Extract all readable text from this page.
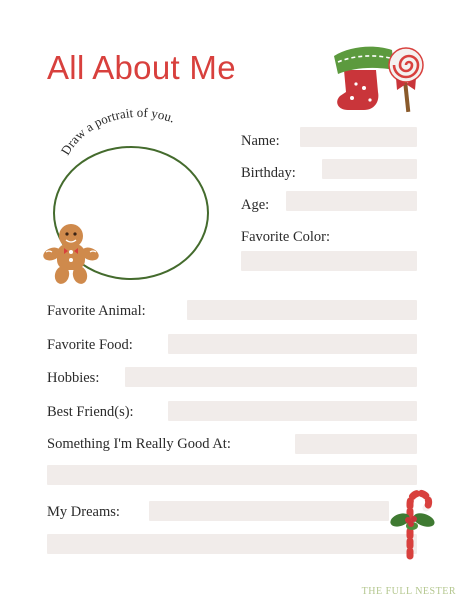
All About Me
Draw a portrait of you.
Name:
Birthday:
Age:
Favorite Color:
Favorite Animal:
Favorite Food:
Hobbies:
Best Friend(s):
Something I'm Really Good At:
My Dreams:
THE FULL NESTER
